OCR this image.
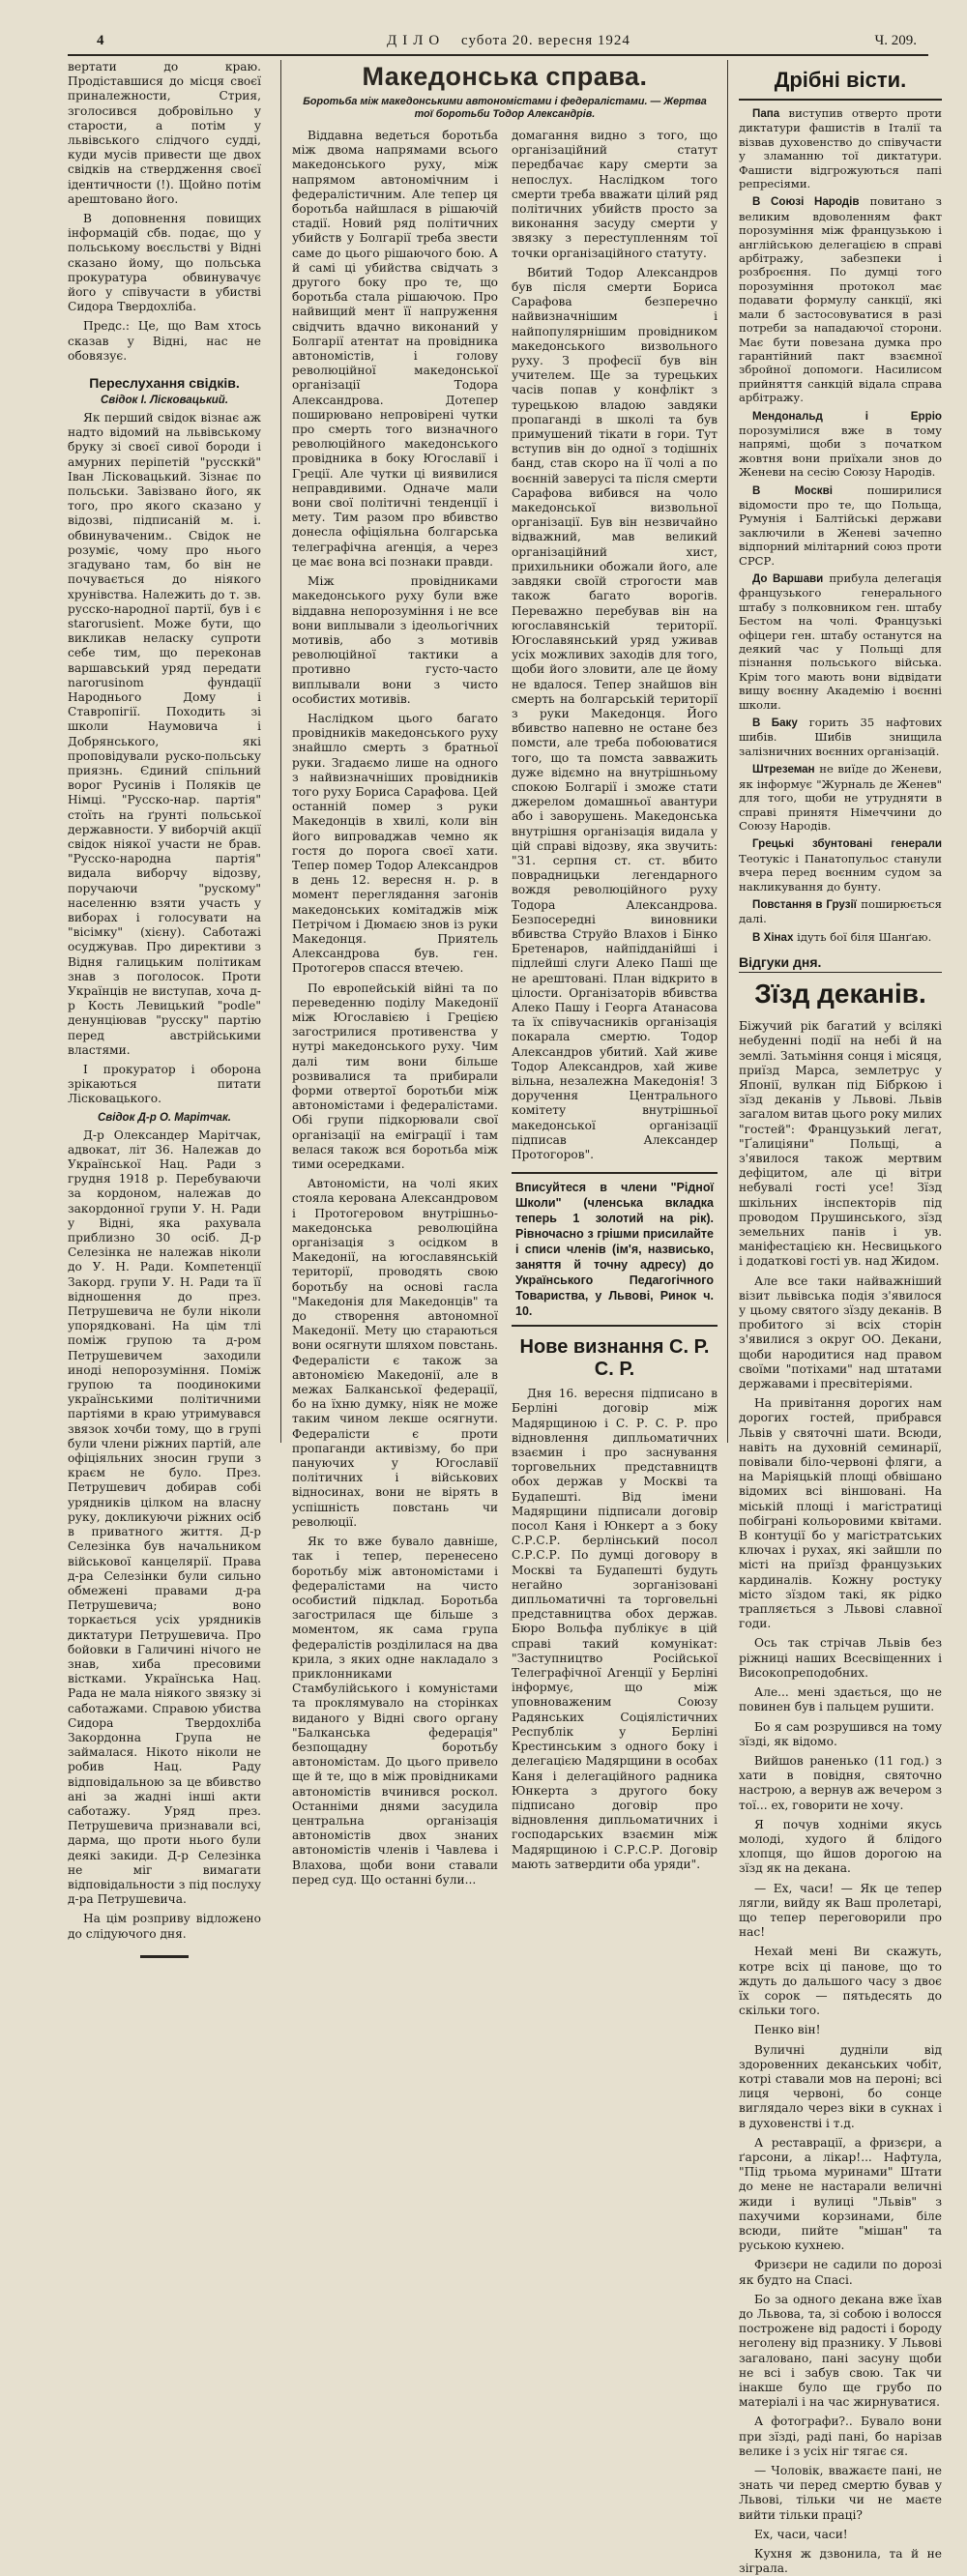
4	ДІЛО субота 20. вересня 1924	Ч. 209.

вертати до краю. Продіставшися до місця своєї приналежности, Стрия, зголосився добровільно у старости, а потім у львівського слідчого судді, куди мусів привести ще двох свідків на ствердження своєї ідентичности (!). Щойно потім арештовано його.

В доповнення повищих інформацій сбв. подає, що у польському воєсльстві у Відні сказано йому, що польська прокуратура обвинувачує його у співучасти в убистві Сидора Твердохліба.

Предс.: Це, що Вам хтось сказав у Відні, нас не обовязує.

Переслухання свідків.
Свідок І. Лісковацький.

Як перший свідок візнає аж надто відомий на львівському бруку зі своєї сивої бороди і амурних періпетій "руссккй" Іван Лісковацький. Зізнає по польськи. Завізвано його, як того, про якого сказано у відозві, підписаній м. і. обвинуваченим.. Свідок не розуміє, чому про нього згадувано там, бо він не почувається до ніякого хрунівства. Належить до т. зв. русско-народної партії, був і є starorusiеnt. Може бути, що викликав неласку супроти себе тим, що переконав варшавський уряд передати narorusinom фундації Народнього Дому і Ставропігії. Походить зі школи Наумовича і Добрянського, які проповідували руско-польську приязнь. Єдиний спільний ворог Русинів і Поляків це Німці. "Русско-нар. партія" стоїть на ґрунті польської державности. У виборчій акції свідок ніякої участи не брав. "Русско-народна партія" видала виборчу відозву, поручаючи "рускому" населенню взяти участь у виборах і голосувати на "вісімку" (хієну). Саботажі осуджував. Про директиви з Відня галицьким політикам знав з поголосок. Проти Українців не виступав, хоча д-р Кость Левицький "podle" денунціював "русску" партію перед австрійськими властями.

І прокуратор і оборона зрікаються питати Лісковацького.

Свідок Д-р О. Марітчак.

Д-р Олександер Марітчак, адвокат, літ 36. Належав до Української Нац. Ради з грудня 1918 р. Перебуваючи за кордоном, належав до закордонної групи У. Н. Ради у Відні, яка рахувала приблизно 30 осіб. Д-р Селезінка не належав ніколи до У. Н. Ради. Компетенції Закорд. групи У. Н. Ради та її відношення до през. Петрушевича не були ніколи упорядковані. На цім тлі поміж групою та д-ром Петрушевичем заходили иноді непорозуміння. Поміж групою та поодинокими українськими політичними партіями в краю утримувався звязок хочби тому, що в групі були члени ріжних партій, але офіціяльних зносин групи з краєм не було. През. Петрушевич добирав собі урядників цілком на власну руку, докликуючи ріжних осіб в приватного життя. Д-р Селезінка був начальником військової канцелярії. Права д-ра Селезінки були сильно обмежені правами д-ра Петрушевича; воно торкається усіх урядників диктатури Петрушевича. Про бойовки в Галичині нічого не знав, хиба пресовими вістками. Українська Нац. Рада не мала ніякого звязку зі саботажами. Справою убиства Сидора Твердохліба Закордонна Група не займалася. Нікото ніколи не робив Нац. Раду відповідальною за це вбивство ані за жадні інші акти саботажу. Уряд през. Петрушевича признавали всі, дарма, що проти нього були деякі закиди. Д-р Селезінка не міг вимагати відповідальности з під послуху д-ра Петрушевича.

На цім розприву відложено до слідуючого дня.

Македонська справа.
Боротьба між македонськими автономістами і федералістами. — Жертва тої боротьби Тодор Александрів.

Віддавна ведеться боротьба між двома напрямами всього македонського руху, між напрямом автономічним і федералістичним. Але тепер ця боротьба найшлася в рішаючій стадії. Новий ряд політичних убийств у Болгарії треба звести саме до цього рішаючого бою. А й самі ці убийства свідчать з другого боку про те, що боротьба стала рішаючою. Про найвищий мент її напруження свідчить вдачно виконаний у Болгарії атентат на провідника автономістів, і голову революційної македонської організації Тодора Александрова. Дотепер поширювано непровірені чутки про смерть того визначного революційного македонського провідника в боку Югославії і Греції. Але чутки ці виявилися неправдивими. Одначе мали вони свої політичні тенденції і мету. Тим разом про вбивство донесла офіціяльна болгарська телеграфічна агенція, а через це має вона всі познаки правди.

Між провідниками македонського руху були вже віддавна непорозуміння і не все вони виплывали з ідеольогічних мотивів, або з мотивів революційної тактики а противно густо-часто виплывали вони з чисто особистих мотивів.

Наслідком цього багато провідників македонського руху знайшло смерть з братньої руки. Згадаємо лише на одного з найвизначніших провідників того руху Бориса Сарафова. Цей останній помер з руки Македонців в хвилі, коли він його випроваджав чемно як гостя до порога своєї хати. Тепер помер Тодор Александров в день 12. вересня н. р. в момент переглядання загонів македонських комітаджів між Петрічом і Дюмаєю знов із руки Македонця. Приятель Александрова був. ген. Протогеров спасся втечею.

По европейській війні та по переведенню поділу Македонії між Югославією і Грецією загострилися противенства у нутрі македонського руху. Чим далі тим вони більше розвивалися та прибирали форми отвертої боротьби між автономістами і федералістами. Обі групи підкорювали свої організації на еміграції і там велася також вся боротьба між тими осередками.

Автономісти, на чолі яких стояла керована Александровом і Протогеровом внутрішньо-македонська революційна організація з осідком в Македонії, на югославянській території, проводять свою боротьбу на основі гасла "Македонія для Македонців" та до створення автономної Македонії. Мету цю стараються вони осягнути шляхом повстань. Федералісти є також за автономією Македонії, але в межах Балканської федерації, бо на їхню думку, ніяк не може таким чином лекше осягнути. Федералісти є проти пропаганди активізму, бо при пануючих у Югославії політичних і військових відносинах, вони не вірять в успішність повстань чи революції.

Як то вже бувало давніше, так і тепер, перенесено боротьбу між автономістами і федералістами на чисто особистий підклад. Боротьба загострилася ще більше з моментом, як сама група федералістів розділилася на два крила, з яких одне накладало з приклонниками Стамбулійського і комуністами та проклямувало на сторінках виданого у Відні свого органу "Балканська федерація" безпощадну боротьбу автономістам. До цього привело ще й те, що в між провідниками автономістів вчинився роскол. Останніми днями засудила центральна організація автономістів двох знаних автономістів членів і Чавлева і Влахова, щоби вони ставали перед суд. Що останні були...

домагання видно з того, що організаційний статут передбачає кару смерти за непослух. Наслідком того смерти треба вважати цілий ряд політичних убийств просто за виконання засуду смерти у звязку з переступленням тої точки організаційного статуту.

Вбитий Тодор Александров був після смерти Бориса Сарафова безперечно найвизначнішим і найпопулярнішим провідником македонського визвольного руху. З професії був він учителем. Ще за турецьких часів попав у конфлікт з турецькою владою завдяки пропаганді в школі та був примушений тікати в гори. Тут вступив він до одної з тодішніх банд, став скоро на її чолі а по воєнній заверусі та після смерти Сарафова вибився на чоло македонської визвольної організації. Був він незвичайно відважний, мав великий організаційний хист, прихильники обожали його, але завдяки своїй строгости мав також багато ворогів. Переважно перебував він на югославянській території. Югославянський уряд уживав усіх можливих заходів для того, щоби його зловити, але це йому не вдалося. Тепер знайшов він смерть на болгарській території з руки Македонця. Його вбивство напевно не остане без помсти, але треба побоюватися того, що та помста завважить дуже відємно на внутрішньому спокою Болгарії і зможе стати джерелом домашньої авантури або і заворушень. Македонська внутрішня організація видала у цій справі відозву, яка звучить: "31. серпня ст. ст. вбито поврадницьки легендарного вождя революційного руху Тодора Александрова. Безпосередні виновники вбивства Струйо Влахов і Бінко Бретенаров, найпідданійші і підлейші слуги Алеко Паші ще не арештовані. План відкрито в цілости. Організаторів вбивства Алеко Пашу і Георга Атанасова та їх співучасників організація покарала смертю. Тодор Александров убитий. Хай живе Тодор Александров, хай живе вільна, незалежна Македонія! З доручення Центрального комітету внутрішньої македонської організації підписав Александер Протогоров".

Вписуйтеся в члени "Рідної Школи" (членська вкладка теперь 1 золотий на рік). Рівночасно з грішми присилайте і списи членів (ім'я, назвисько, заняття й точну адресу) до Українського Педагогічного Товариства, у Львові, Ринок ч. 10.
Нове визнання С. Р. С. Р.

Дня 16. вересня підписано в Берліні договір між Мадярщиною і С. Р. С. Р. про відновлення дипльоматичних взаємин і про заснування торговельних представництв обох держав у Москві та Будапешті. Від імени Мадярщини підписали договір посол Каня і Юнкерт а з боку С.Р.С.Р. берлінський посол С.Р.С.Р. По думці договору в Москві та Будапешті будуть негайно зорганізовані дипльоматичні та торговельні представництва обох держав. Бюро Вольфа публікує в цій справі такий комунікат: "Заступництво Російської Телеграфічної Агенції у Берліні інформує, що між уповноваженим Союзу Радянських Соціялістичних Республік у Берліні Крестинським з одного боку і делегацією Мадярщини в особах Каня і делегаційного радника Юнкерта з другого боку підписано договір про відновлення дипльоматичних і господарських взаємин між Мадярщиною і С.Р.С.Р. Договір мають затвердити оба уряди".

Дрібні вісти.
Папа виступив отверто проти диктатури фашистів в Італії та візвав духовенство до співучасти у зламанню тої диктатури. Фашисти відгрожуються папі репресіями.
В Союзі Народів повитано з великим вдоволенням факт порозуміння між французькою і англійською делегацією в справі арбітражу, забезпеки і розброєння. По думці того порозуміння протокол має подавати формулу санкції, які мали б застосовуватися в разі потреби за нападаючої сторони. Має бути повезана думка про гарантійний пакт взаємної збройної допомоги. Насилисом прийняття санкцій відала справа арбітражу.
Мендональд і Ерріо порозумілися вже в тому напрямі, щоби з початком жовтня вони приїхали знов до Женеви на сесію Союзу Народів.
В Москві	поширилися відомости про те, що Польща, Румунія і Балтійські держави заключили в Женеві зачепно відпорний мілітарний союз проти СРСР.
До Варшави прибула делегація французького генерального штабу з полковником ген. штабу Бестом на чолі. Французькі офіцери ген. штабу останутся на деякий час у Польщі для пізнання польського війська. Крім того мають вони відвідати вищу воєнну Академію і воєнні школи.
В Баку горить 35 нафтових шибів. Шибів знищила залізничних воєнних організацій.
Штреземан не виїде до Женеви, як інформує "Журналь де Женев" для того, щоби не утрудняти в справі принятя Німеччини до Союзу Народів.
Грецькі збунтовані генерали Теотукіс і Панатопульос станули вчера перед воєнним судом за накликування до бунту.
Повстання в Грузії поширюється далі.
В Хінах ідуть бої біля Шанґаю.
Відгуки дня.
Зїзд деканів.

Біжучий рік багатий у всілякі небуденні події на небі й на землі. Затьміння сонця і місяця, приїзд Марса, землетрус у Японії, вулкан під Бібркою і зїзд деканів у Львові. Львів загалом витав цього року милих "гостей": Французький легат, "Ґалиціяни" Польщі, а з'явилося також мертвим дефіцитом, але ці вітри небувалі гості усе! Зїзд шкільних інспекторів під проводом Прушинського, зїзд земельних панів і ув. маніфестацією кн. Несвицького і додаткові гості ув. над Жидом.

Але все таки найважніший візит львівська подія з'явилося у цьому святого зїзду деканів. В пробитого зі всіх сторін з'явилися з округ ОО. Декани, щоби народитися над правом своїми "потіхами" над штатами державами і пресвітеріями.

На привітання дорогих нам дорогих гостей, прибрався Львів у святочні шати. Всюди, навіть на духовній семинарії, повівали біло-червоні фляги, а на Маріяцькій площі обвішано відомих всі віншовані. На міській площі і магістратиці побіграні кольоровими квітами. В контуції бо у магістратських ключах і рухах, які зайшли по місті на приїзд французьких кардиналів. Кожну ростуку місто зїздом такі, як рідко трапляється з Львові славної годи.

Ось так стрічав Львів без ріжниці наших Всесвіщенних і Високопреподобних.

Але... мені здається, що не повинен був і пальцем рушити.

Бо я сам розрушився на тому зїзді, як відомо.

Вийшов раненько (11 год.) з хати в повідня, святочно настрою, а вернув аж вечером з тої... ех, говорити не хочу.

Я почув ходніми якусь молоді, худого й блідого хлопця, що йшов дорогою на зїзд як на декана.

— Ех, часи! — Як це тепер лягли, вийду як Ваш пролетарі, що тепер переговорили про нас!

Нехай мені Ви скажуть, котре всіх ці панове, що то ждуть до дальшого часу з двоє їх сорок — пятьдесять до скільки того.

Пенко він!

Вуличні дудніли від здоровенних деканських чобіт, котрі ставали мов на пероні; всі лиця червоні, бо сонце виглядало через віки в сукнах і в духовенстві і т.д.

А реставрації, а фризєри, а ґарсони, а лікар!... Нафтула, "Під трьома муринами" Штати до мене не настарали величні жиди і вулиці "Львів" з пахучими корзинами, біле всюди, пийте "мішан" та руською кухнею.

Фризєри не садили по дорозі як будто на Спасі.

Бо за одного декана вже їхав до Львова, та, зі собою і волосся построжене від радості і бороду неголену від празнику. У Львові загаловано, пані засуну щоби не всі і забув свою. Так чи інакше було ще грубо по матеріалі і на час жирнуватися.

А фотографи?.. Бувало вони при зїзді, раді пані, бо нарізав велике і з усіх ніг тягає ся.

— Чоловік, вважаєте пані, не знать чи перед смертю бував у Львові, тільки чи не маєте вийти тільки праці?

Ех, часи, часи!

Кухня ж дзвонила, та й не зіграла.
